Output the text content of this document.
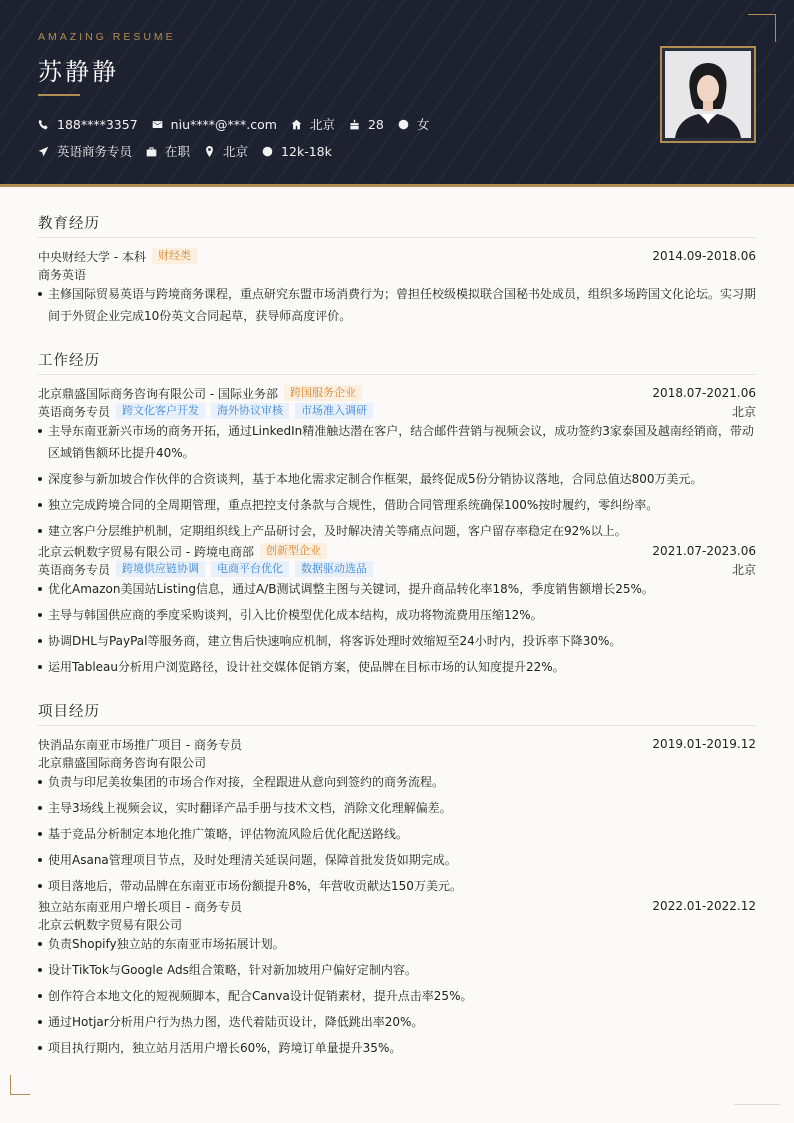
AMAZING RESUME
苏静静
188****3357	niu****@***.com	北京	28	女
英语商务专员	在职	北京	12k-18k
教育经历
中央财经大学 - 本科	财经类	2014.09-2018.06
商务英语
主修国际贸易英语与跨境商务课程，重点研究东盟市场消费行为；曾担任校级模拟联合国秘书处成员，组织多场跨国文化论坛。实习期间于外贸企业完成10份英文合同起草，获导师高度评价。
工作经历
北京鼎盛国际商务咨询有限公司 - 国际业务部	跨国服务企业	2018.07-2021.06
英语商务专员	跨文化客户开发	海外协议审核	市场准入调研	北京
主导东南亚新兴市场的商务开拓，通过LinkedIn精准触达潜在客户，结合邮件营销与视频会议，成功签约3家泰国及越南经销商，带动区域销售额环比提升40%。
深度参与新加坡合作伙伴的合资谈判，基于本地化需求定制合作框架，最终促成5份分销协议落地，合同总值达800万美元。
独立完成跨境合同的全周期管理，重点把控支付条款与合规性，借助合同管理系统确保100%按时履约，零纠纷率。
建立客户分层维护机制，定期组织线上产品研讨会，及时解决清关等痛点问题，客户留存率稳定在92%以上。
北京云帆数字贸易有限公司 - 跨境电商部	创新型企业	2021.07-2023.06
英语商务专员	跨境供应链协调	电商平台优化	数据驱动选品	北京
优化Amazon美国站Listing信息，通过A/B测试调整主图与关键词，提升商品转化率18%，季度销售额增长25%。
主导与韩国供应商的季度采购谈判，引入比价模型优化成本结构，成功将物流费用压缩12%。
协调DHL与PayPal等服务商，建立售后快速响应机制，将客诉处理时效缩短至24小时内，投诉率下降30%。
运用Tableau分析用户浏览路径，设计社交媒体促销方案，使品牌在目标市场的认知度提升22%。
项目经历
快消品东南亚市场推广项目 - 商务专员	2019.01-2019.12
北京鼎盛国际商务咨询有限公司
负责与印尼美妆集团的市场合作对接，全程跟进从意向到签约的商务流程。
主导3场线上视频会议，实时翻译产品手册与技术文档，消除文化理解偏差。
基于竞品分析制定本地化推广策略，评估物流风险后优化配送路线。
使用Asana管理项目节点，及时处理清关延误问题，保障首批发货如期完成。
项目落地后，带动品牌在东南亚市场份额提升8%，年营收贡献达150万美元。
独立站东南亚用户增长项目 - 商务专员	2022.01-2022.12
北京云帆数字贸易有限公司
负责Shopify独立站的东南亚市场拓展计划。
设计TikTok与Google Ads组合策略，针对新加坡用户偏好定制内容。
创作符合本地文化的短视频脚本，配合Canva设计促销素材，提升点击率25%。
通过Hotjar分析用户行为热力图，迭代着陆页设计，降低跳出率20%。
项目执行期内，独立站月活用户增长60%，跨境订单量提升35%。
